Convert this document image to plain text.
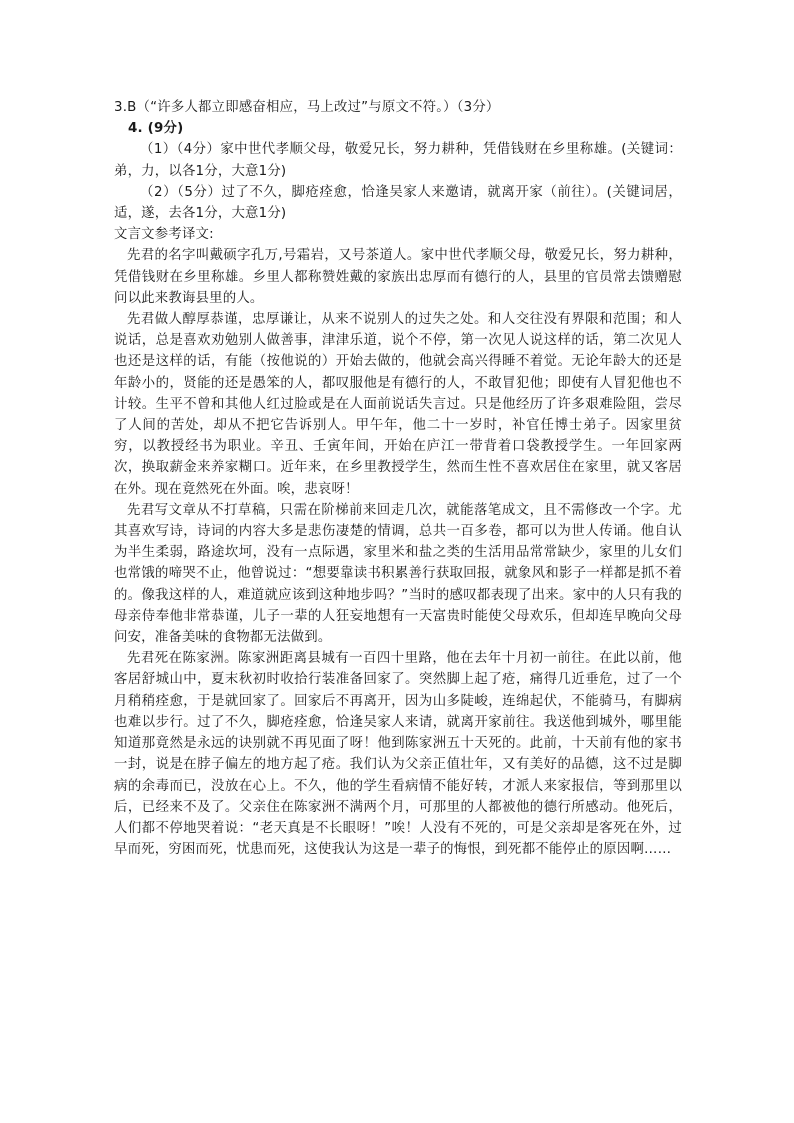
3.B（“许多人都立即感奋相应，马上改过”与原文不符。）（3分）

4. (9分)

（1）（4分）家中世代孝顺父母，敬爱兄长，努力耕种，凭借钱财在乡里称雄。(关键词：弟，力，以各1分，大意1分)

（2）（5分）过了不久，脚疮痊愈，恰逢吴家人来邀请，就离开家（前往）。(关键词居，适，遂，去各1分，大意1分)

文言文参考译文:

先君的名字叫戴硕字孔万,号霜岩，又号茶道人。家中世代孝顺父母，敬爱兄长，努力耕种，凭借钱财在乡里称雄。乡里人都称赞姓戴的家族出忠厚而有德行的人，县里的官员常去馈赠慰问以此来教诲县里的人。

先君做人醇厚恭谨，忠厚谦让，从来不说别人的过失之处。和人交往没有界限和范围；和人说话，总是喜欢劝勉别人做善事，津津乐道，说个不停，第一次见人说这样的话，第二次见人也还是这样的话，有能（按他说的）开始去做的，他就会高兴得睡不着觉。无论年龄大的还是年龄小的，贤能的还是愚笨的人，都叹服他是有德行的人，不敢冒犯他；即使有人冒犯他也不计较。生平不曾和其他人红过脸或是在人面前说话失言过。只是他经历了许多艰难险阻，尝尽了人间的苦处，却从不把它告诉别人。甲午年，他二十一岁时，补官任博士弟子。因家里贫穷，以教授经书为职业。辛丑、壬寅年间，开始在庐江一带背着口袋教授学生。一年回家两次，换取薪金来养家糊口。近年来，在乡里教授学生，然而生性不喜欢居住在家里，就又客居在外。现在竟然死在外面。唉，悲哀呀！

先君写文章从不打草稿，只需在阶梯前来回走几次，就能落笔成文，且不需修改一个字。尤其喜欢写诗，诗词的内容大多是悲伤凄楚的情调，总共一百多卷，都可以为世人传诵。他自认为半生柔弱，路途坎坷，没有一点际遇，家里米和盐之类的生活用品常常缺少，家里的儿女们也常饿的啼哭不止，他曾说过：“想要靠读书积累善行获取回报，就象风和影子一样都是抓不着的。像我这样的人，难道就应该到这种地步吗？”当时的感叹都表现了出来。家中的人只有我的母亲侍奉他非常恭谨，儿子一辈的人狂妄地想有一天富贵时能使父母欢乐，但却连早晚向父母问安，准备美味的食物都无法做到。

先君死在陈家洲。陈家洲距离县城有一百四十里路，他在去年十月初一前往。在此以前，他客居舒城山中，夏末秋初时收拾行装准备回家了。突然脚上起了疮，痛得几近垂危，过了一个月稍稍痊愈，于是就回家了。回家后不再离开，因为山多陡峻，连绵起伏，不能骑马，有脚病也难以步行。过了不久，脚疮痊愈，恰逢吴家人来请，就离开家前往。我送他到城外，哪里能知道那竟然是永远的诀别就不再见面了呀！他到陈家洲五十天死的。此前，十天前有他的家书一封，说是在脖子偏左的地方起了疮。我们认为父亲正值壮年，又有美好的品德，这不过是脚病的余毒而已，没放在心上。不久，他的学生看病情不能好转，才派人来家报信，等到那里以后，已经来不及了。父亲住在陈家洲不满两个月，可那里的人都被他的德行所感动。他死后，人们都不停地哭着说：“老天真是不长眼呀！”唉！人没有不死的，可是父亲却是客死在外，过早而死，穷困而死，忧患而死，这使我认为这是一辈子的悔恨，到死都不能停止的原因啊……
